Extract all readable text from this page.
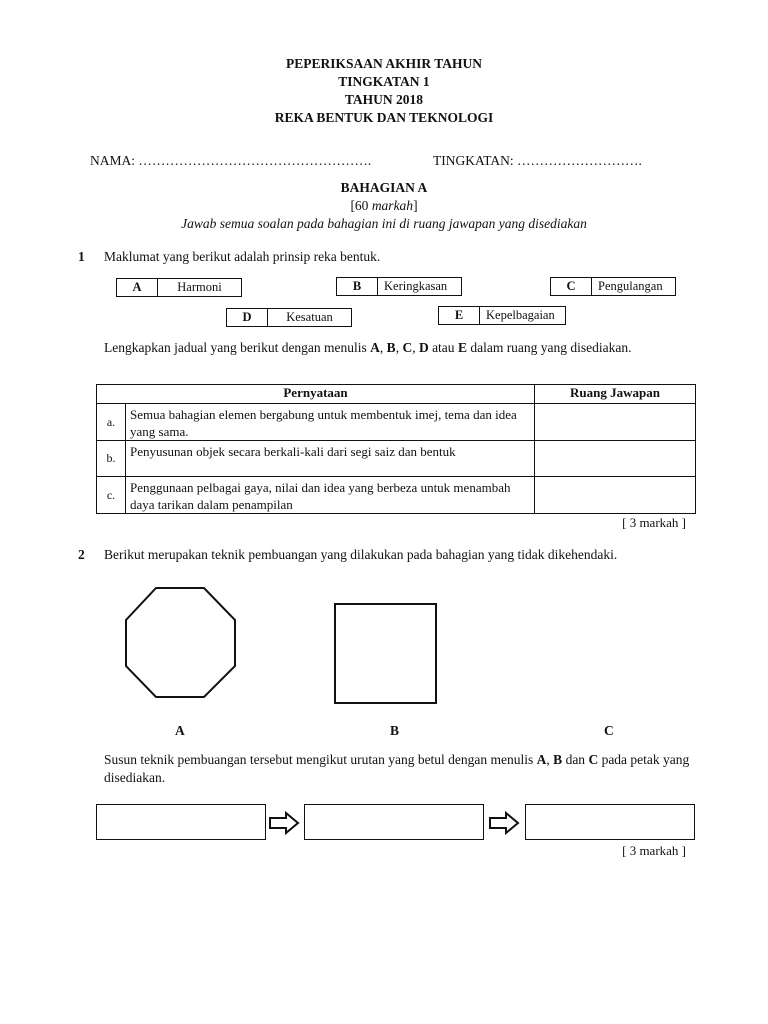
PEPERIKSAAN AKHIR TAHUN
TINGKATAN 1
TAHUN 2018
REKA BENTUK DAN TEKNOLOGI
NAMA: …………………………………………….	TINGKATAN: ……………………….
BAHAGIAN A
[60 markah]
Jawab semua soalan pada bahagian ini di ruang jawapan yang disediakan
1 Maklumat yang berikut adalah prinsip reka bentuk.
A	Harmoni	B	Keringkasan	C	Pengulangan
D	Kesatuan	E	Kepelbagaian
Lengkapkan jadual yang berikut dengan menulis A, B, C, D atau E dalam ruang yang disediakan.
Pernyataan		Ruang Jawapan
a.	Semua bahagian elemen bergabung untuk membentuk imej, tema dan idea yang sama.	
b.	Penyusunan objek secara berkali-kali dari segi saiz dan bentuk	
c.	Penggunaan pelbagai gaya, nilai dan idea yang berbeza untuk menambah daya tarikan dalam penampilan	
[ 3 markah ]
2 Berikut merupakan teknik pembuangan yang dilakukan pada bahagian yang tidak dikehendaki.
A	B	C
Susun teknik pembuangan tersebut mengikut urutan yang betul dengan menulis A, B dan C pada petak yang disediakan.
[ 3 markah ]
